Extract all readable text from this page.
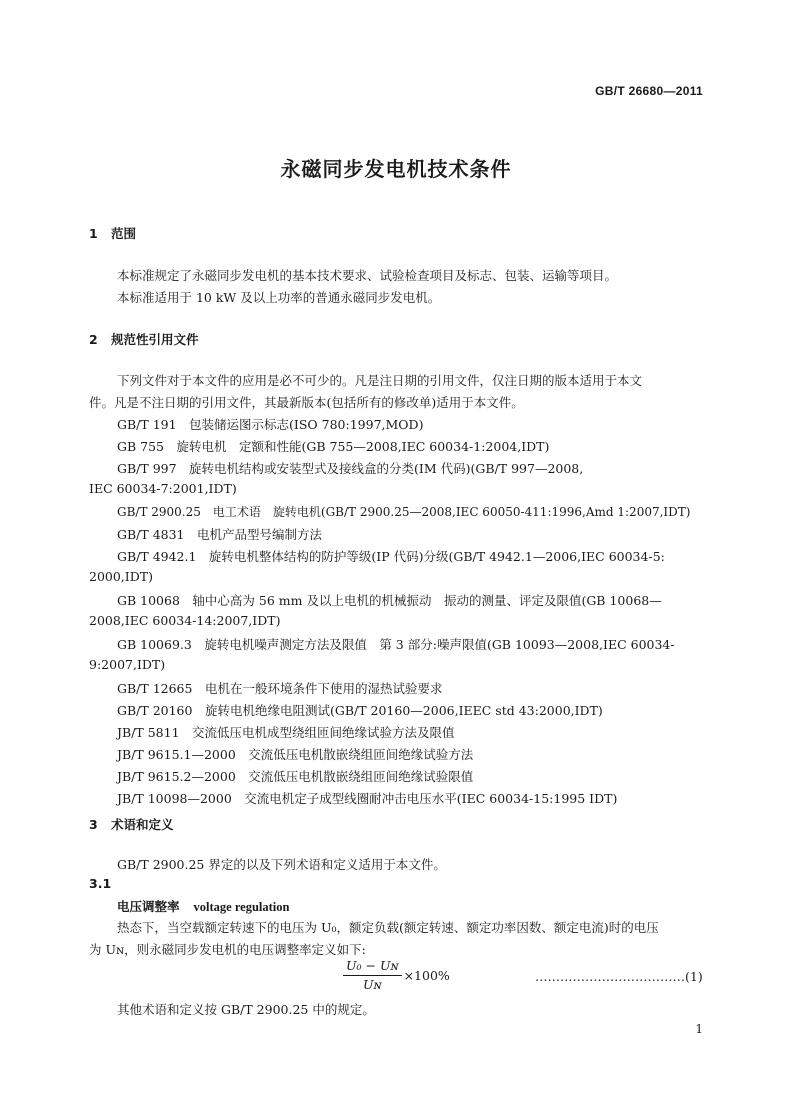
GB/T 26680—2011
永磁同步发电机技术条件
1 范围
本标准规定了永磁同步发电机的基本技术要求、试验检查项目及标志、包装、运输等项目。
本标准适用于 10 kW 及以上功率的普通永磁同步发电机。
2 规范性引用文件
下列文件对于本文件的应用是必不可少的。凡是注日期的引用文件，仅注日期的版本适用于本文
件。凡是不注日期的引用文件，其最新版本(包括所有的修改单)适用于本文件。
GB/T 191　包装储运图示标志(ISO 780:1997,MOD)
GB 755　旋转电机　定额和性能(GB 755—2008,IEC 60034-1:2004,IDT)
GB/T 997　旋转电机结构或安装型式及接线盒的分类(IM 代码)(GB/T 997—2008,
IEC 60034-7:2001,IDT)
GB/T 2900.25　电工术语　旋转电机(GB/T 2900.25—2008,IEC 60050-411:1996,Amd 1:2007,IDT)
GB/T 4831　电机产品型号编制方法
GB/T 4942.1　旋转电机整体结构的防护等级(IP 代码)分级(GB/T 4942.1—2006,IEC 60034-5:
2000,IDT)
GB 10068　轴中心高为 56 mm 及以上电机的机械振动　振动的测量、评定及限值(GB 10068—
2008,IEC 60034-14:2007,IDT)
GB 10069.3　旋转电机噪声测定方法及限值　第 3 部分:噪声限值(GB 10093—2008,IEC 60034-
9:2007,IDT)
GB/T 12665　电机在一般环境条件下使用的湿热试验要求
GB/T 20160　旋转电机绝缘电阻测试(GB/T 20160—2006,IEEC std 43:2000,IDT)
JB/T 5811　交流低压电机成型绕组匝间绝缘试验方法及限值
JB/T 9615.1—2000　交流低压电机散嵌绕组匝间绝缘试验方法
JB/T 9615.2—2000　交流低压电机散嵌绕组匝间绝缘试验限值
JB/T 10098—2000　交流电机定子成型线圈耐冲击电压水平(IEC 60034-15:1995 IDT)
3 术语和定义
GB/T 2900.25 界定的以及下列术语和定义适用于本文件。
3.1
电压调整率 voltage regulation
热态下，当空载额定转速下的电压为 U₀，额定负载(额定转速、额定功率因数、额定电流)时的电压
为 Uɴ，则永磁同步发电机的电压调整率定义如下:
$\frac{\text{U₀ − Uɴ}}{\text{Uɴ}} \times 100\%$	………………………………(1)
其他术语和定义按 GB/T 2900.25 中的规定。
1
